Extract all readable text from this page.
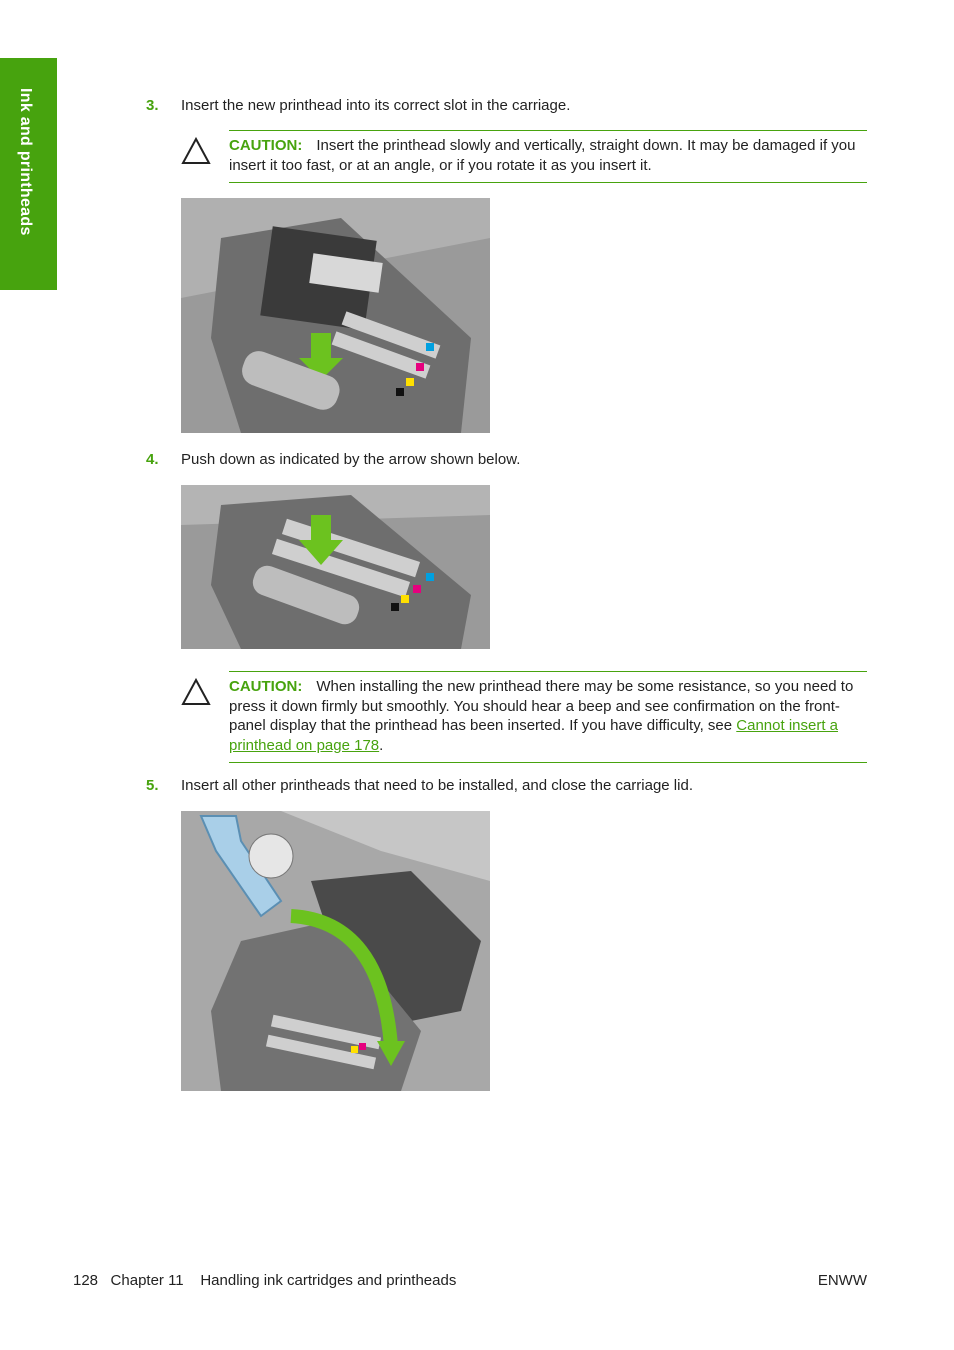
Ink and printheads	3. Insert the new printhead into its correct slot in the carriage.
CAUTION: Insert the printhead slowly and vertically, straight down. It may be damaged if you insert it too fast, or at an angle, or if you rotate it as you insert it.
4. Push down as indicated by the arrow shown below.
CAUTION: When installing the new printhead there may be some resistance, so you need to press it down firmly but smoothly. You should hear a beep and see confirmation on the front-panel display that the printhead has been inserted. If you have difficulty, see Cannot insert a printhead on page 178.
5. Insert all other printheads that need to be installed, and close the carriage lid.
128 Chapter 11 Handling ink cartridges and printheads	ENWW
